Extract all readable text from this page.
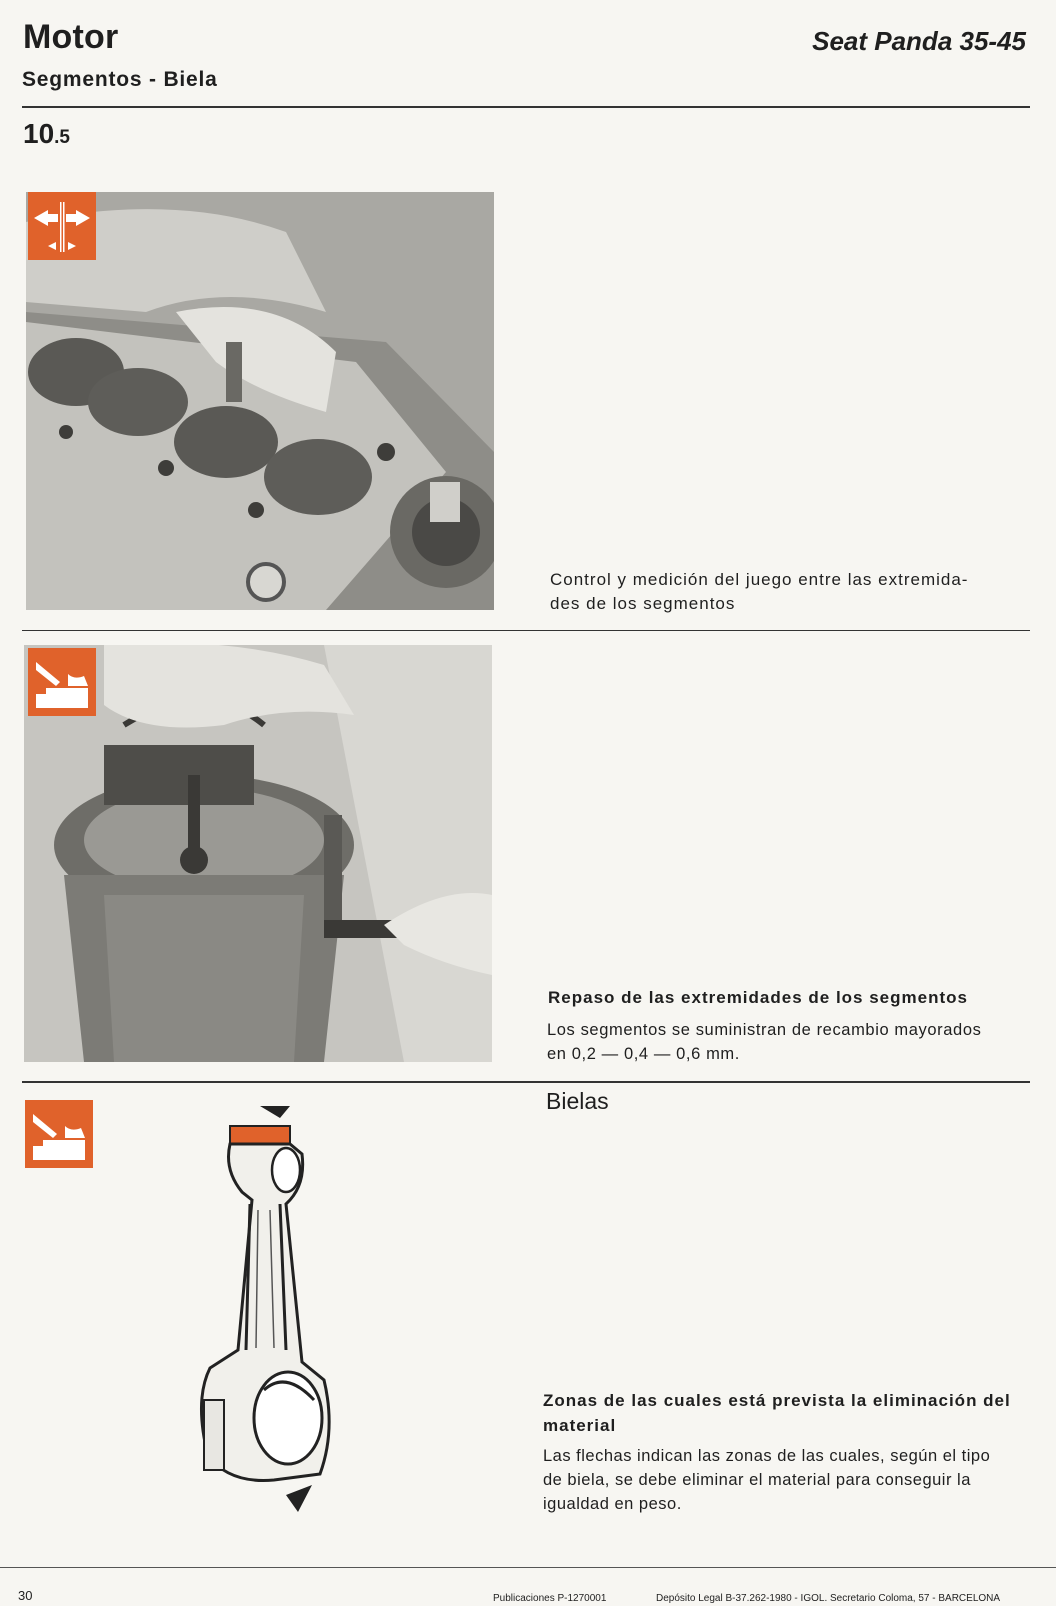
Motor
Segmentos - Biela
Seat Panda 35-45
10.5
Control y medición del juego entre las extremida-
des de los segmentos
Repaso de las extremidades de los segmentos
Los segmentos se suministran de recambio mayorados
en 0,2 — 0,4 — 0,6 mm.
Bielas
Zonas de las cuales está prevista la eliminación del
material
Las flechas indican las zonas de las cuales, según el tipo
de biela, se debe eliminar el material para conseguir la
igualdad en peso.
30	Publicaciones P-1270001	Depósito Legal B-37.262-1980 - IGOL. Secretario Coloma, 57 - BARCELONA
